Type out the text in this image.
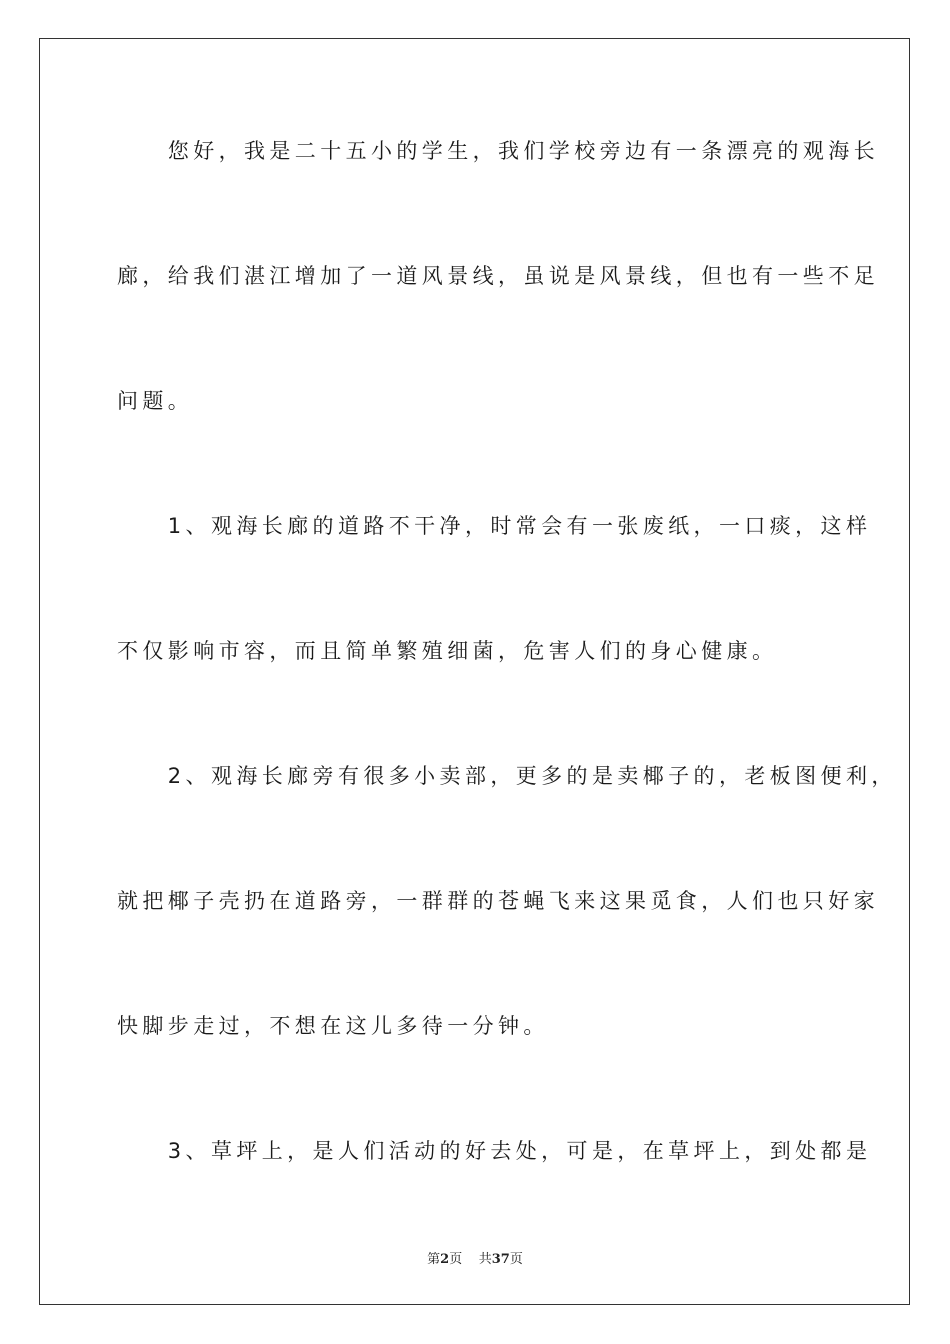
　　您好，我是二十五小的学生，我们学校旁边有一条漂亮的观海长

廊，给我们湛江增加了一道风景线，虽说是风景线，但也有一些不足

问题。

　　1、观海长廊的道路不干净，时常会有一张废纸，一口痰，这样

不仅影响市容，而且简单繁殖细菌，危害人们的身心健康。

　　2、观海长廊旁有很多小卖部，更多的是卖椰子的，老板图便利，

就把椰子壳扔在道路旁，一群群的苍蝇飞来这果觅食，人们也只好家

快脚步走过，不想在这儿多待一分钟。

　　3、草坪上，是人们活动的好去处，可是，在草坪上，到处都是

第2页 共37页
